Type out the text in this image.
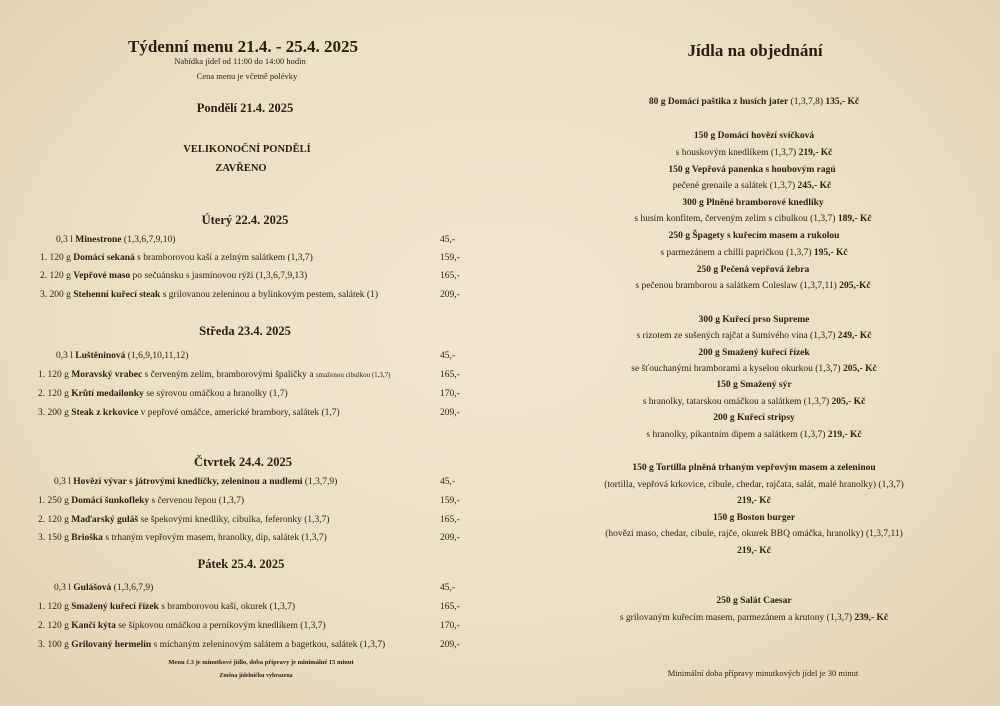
Týdenní menu 21.4. - 25.4. 2025
Nabídka jídel od 11:00 do 14:00 hodin
Cena menu je včetně polévky
Pondělí 21.4. 2025
VELIKONOČNÍ PONDĚLÍ
ZAVŘENO
Úterý 22.4. 2025
0,3 l Minestrone (1,3,6,7,9,10)	45,-
1. 120 g Domácí sekaná s bramborovou kaší a zelným salátkem (1,3,7)	159,-
2. 120 g Vepřové maso po sečuánsku s jasmínovou rýží (1,3,6,7,9,13)	165,-
3. 200 g Stehenní kuřecí steak s grilovanou zeleninou a bylinkovým pestem, salátek (1)	209,-
Středa 23.4. 2025
0,3 l Luštěninová (1,6,9,10,11,12)	45,-
1. 120 g Moravský vrabec s červeným zelím, bramborovými špalíčky a smaženou cibulkou (1,3,7)	165,-
2. 120 g Krůtí medailonky se sýrovou omáčkou a hranolky (1,7)	170,-
3. 200 g Steak z krkovice v pepřové omáčce, americké brambory, salátek (1,7)	209,-
Čtvrtek 24.4. 2025
0,3 l Hovězí vývar s játrovými knedlíčky, zeleninou a nudlemi (1,3,7,9)	45,-
1. 250 g Domácí šunkofleky s červenou řepou (1,3,7)	159,-
2. 120 g Maďarský guláš se špekovými knedlíky, cibulka, feferonky (1,3,7)	165,-
3. 150 g Brioška s trhaným vepřovým masem, hranolky, dip, salátek (1,3,7)	209,-
Pátek 25.4. 2025
0,3 l Gulášová (1,3,6,7,9)	45,-
1. 120 g Smažený kuřecí řízek s bramborovou kaší, okurek (1,3,7)	165,-
2. 120 g Kančí kýta se šípkovou omáčkou a perníkovým knedlíkem (1,3,7)	170,-
3. 100 g Grilovaný hermelín s míchaným zeleninovým salátem a bagetkou, salátek (1,3,7)	209,-
Menu č.3 je minutkové jídlo, doba přípravy je minimálně 15 minut
Změna jídelníčku vyhrazena
Jídla na objednání
80 g Domácí paštika z husích jater (1,3,7,8) 135,- Kč
150 g Domácí hovězí svíčková
s houskovým knedlíkem (1,3,7) 219,- Kč
150 g Vepřová panenka s houbovým ragú
pečené grenaile a salátek (1,3,7) 245,- Kč
300 g Plněné bramborové knedlíky
s husím konfitem, červeným zelím s cibulkou (1,3,7) 189,- Kč
250 g Špagety s kuřecím masem a rukolou
s parmezánem a chilli papričkou (1,3,7) 195,- Kč
250 g Pečená vepřová žebra
s pečenou bramborou a salátkem Coleslaw (1,3,7,11) 205,-Kč
300 g Kuřecí prso Supreme
s rizotem ze sušených rajčat a šumivého vína (1,3,7) 249,- Kč
200 g Smažený kuřecí řízek
se šťouchanými bramborami a kyselou okurkou (1,3,7) 205,- Kč
150 g Smažený sýr
s hranolky, tatarskou omáčkou a salátkem (1,3,7) 205,- Kč
200 g Kuřecí stripsy
s hranolky, pikantním dipem a salátkem (1,3,7) 219,- Kč
150 g Tortilla plněná trhaným vepřovým masem a zeleninou
(tortilla, vepřová krkovice, cibule, chedar, rajčata, salát, malé hranolky) (1,3,7)
219,- Kč
150 g Boston burger
(hovězí maso, chedar, cibule, rajče, okurek BBQ omáčka, hranolky) (1,3,7,11)
219,- Kč
250 g Salát Caesar
s grilovaným kuřecím masem, parmezánem a krutony (1,3,7) 239,- Kč
Minimální doba přípravy minutkových jídel je 30 minut
